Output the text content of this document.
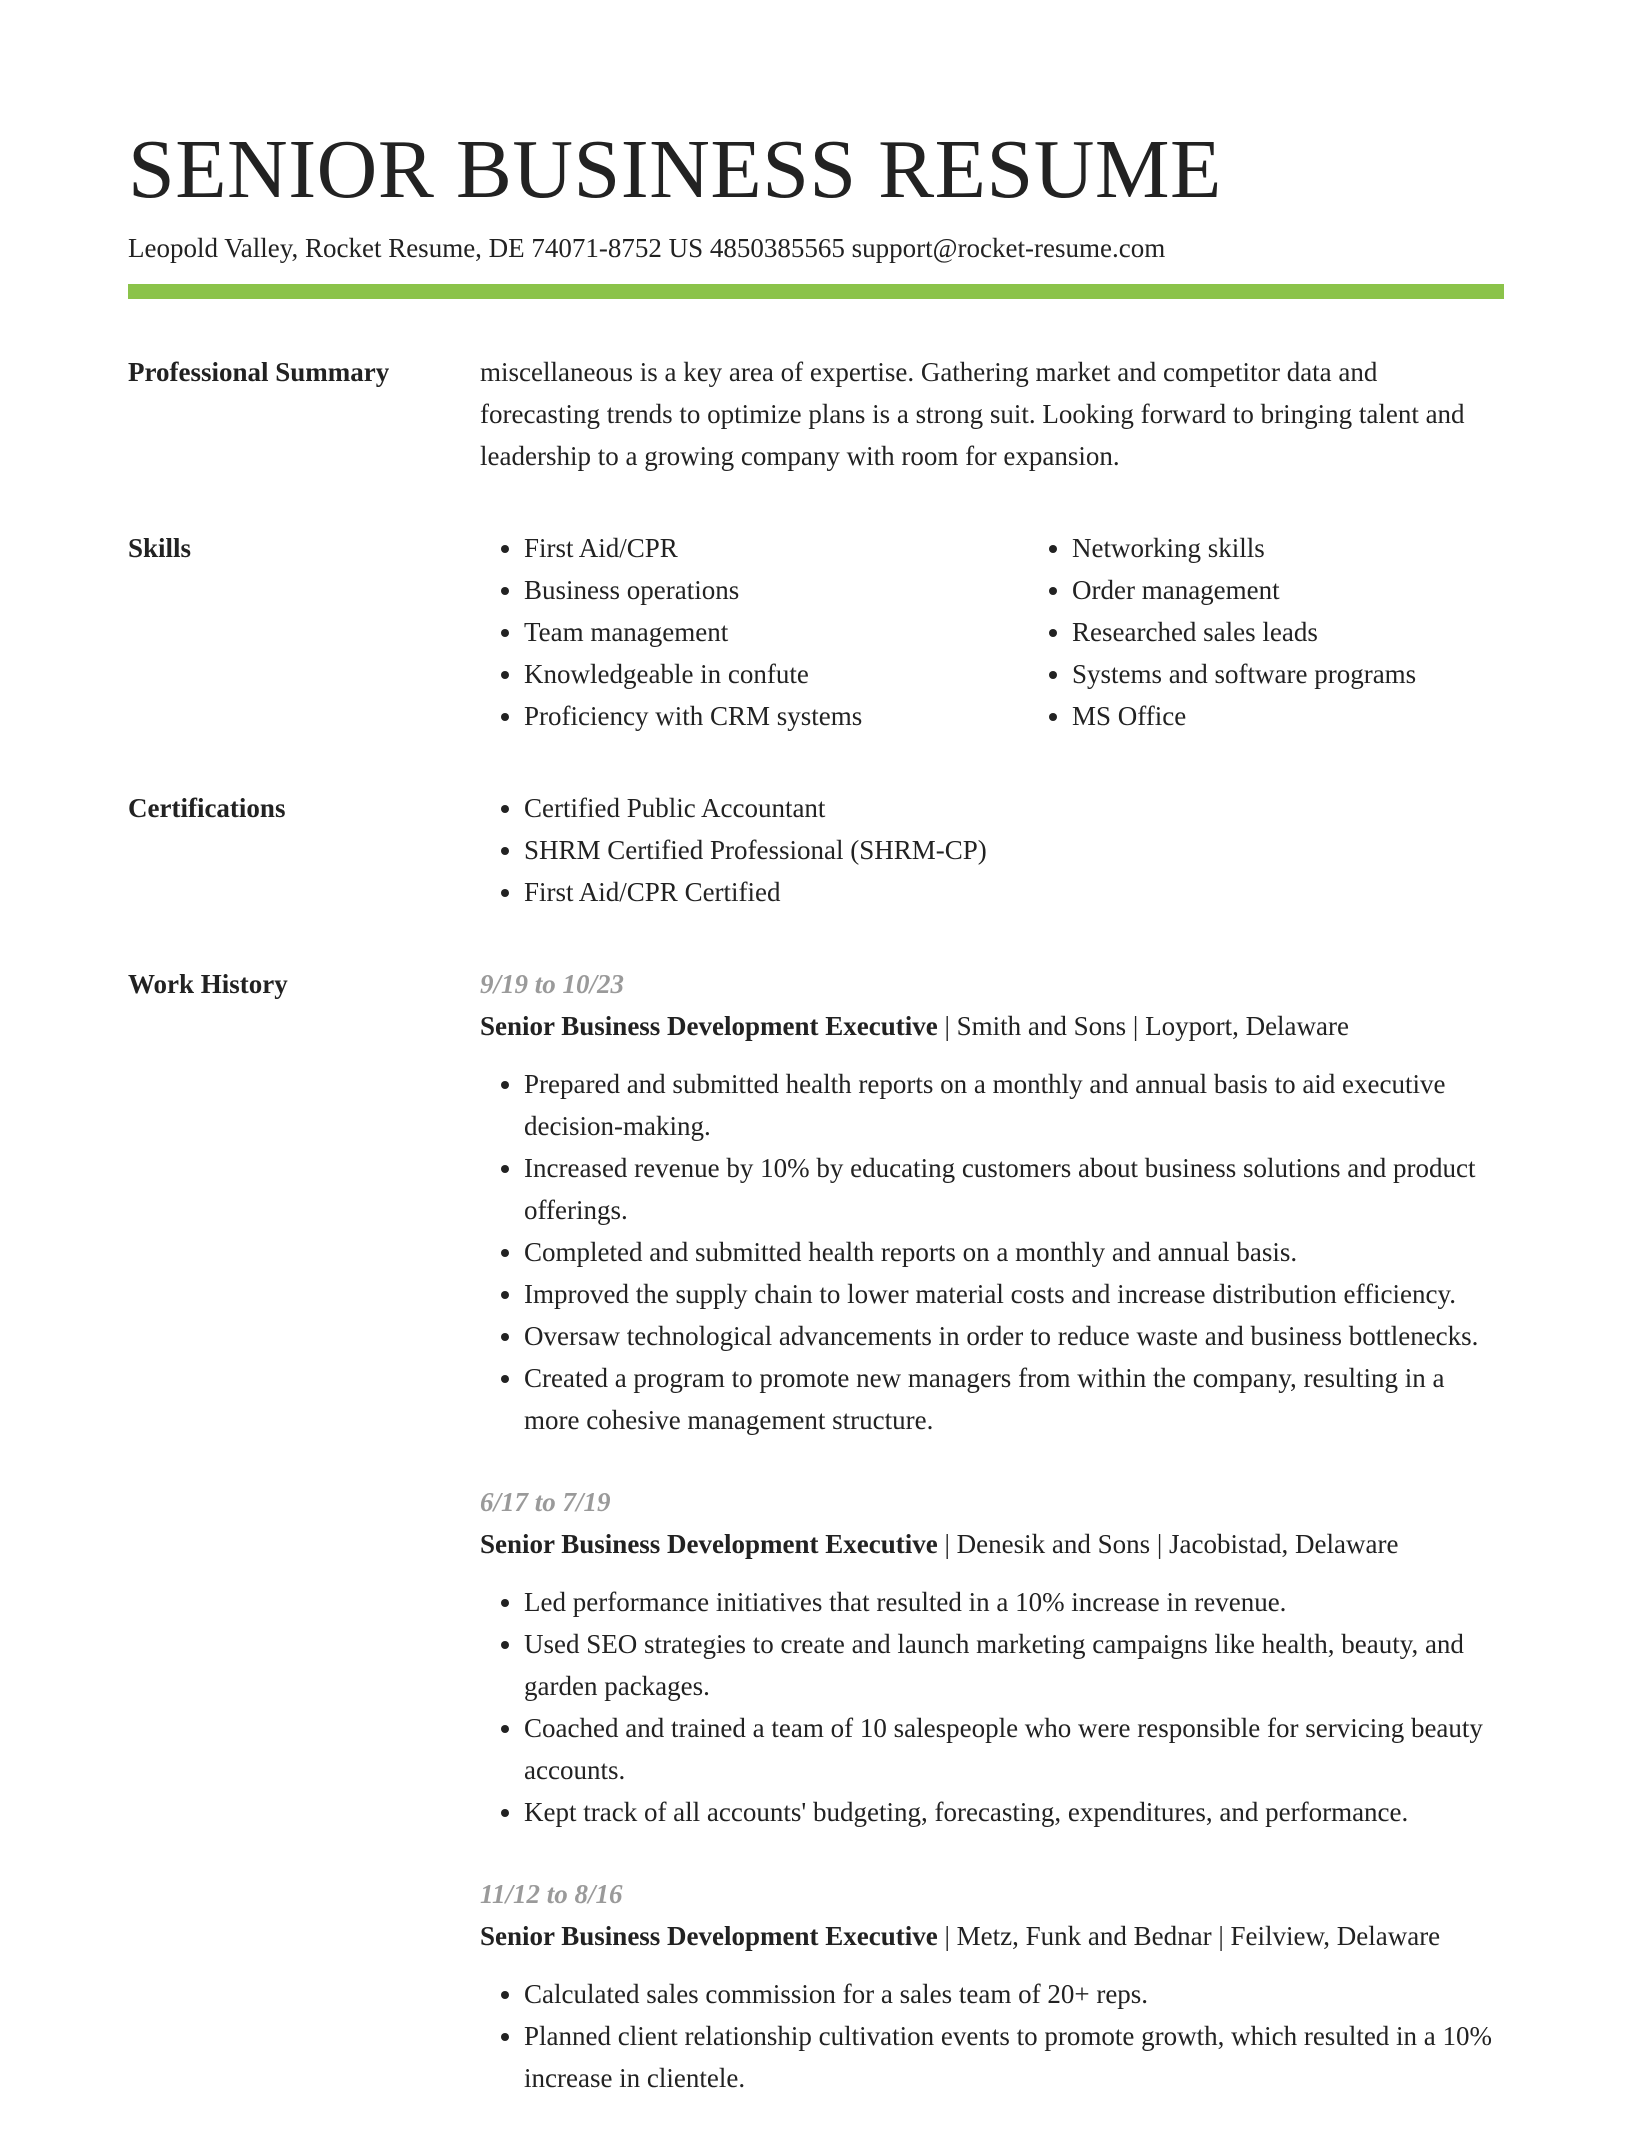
SENIOR BUSINESS RESUME
Leopold Valley, Rocket Resume, DE 74071-8752 US 4850385565 support@rocket-resume.com
Professional Summary	miscellaneous is a key area of expertise. Gathering market and competitor data and forecasting trends to optimize plans is a strong suit. Looking forward to bringing talent and leadership to a growing company with room for expansion.

Skills	• First Aid/CPR
• Business operations
• Team management
• Knowledgeable in confute
• Proficiency with CRM systems
• Networking skills
• Order management
• Researched sales leads
• Systems and software programs
• MS Office
Certifications	• Certified Public Accountant
• SHRM Certified Professional (SHRM-CP)
• First Aid/CPR Certified
Work History	9/19 to 10/23
Senior Business Development Executive | Smith and Sons | Loyport, Delaware
• Prepared and submitted health reports on a monthly and annual basis to aid executive decision-making.
• Increased revenue by 10% by educating customers about business solutions and product offerings.
• Completed and submitted health reports on a monthly and annual basis.
• Improved the supply chain to lower material costs and increase distribution efficiency.
• Oversaw technological advancements in order to reduce waste and business bottlenecks.
• Created a program to promote new managers from within the company, resulting in a more cohesive management structure.
6/17 to 7/19
Senior Business Development Executive | Denesik and Sons | Jacobistad, Delaware
• Led performance initiatives that resulted in a 10% increase in revenue.
• Used SEO strategies to create and launch marketing campaigns like health, beauty, and garden packages.
• Coached and trained a team of 10 salespeople who were responsible for servicing beauty accounts.
• Kept track of all accounts' budgeting, forecasting, expenditures, and performance.
11/12 to 8/16
Senior Business Development Executive | Metz, Funk and Bednar | Feilview, Delaware
• Calculated sales commission for a sales team of 20+ reps.
• Planned client relationship cultivation events to promote growth, which resulted in a 10% increase in clientele.
